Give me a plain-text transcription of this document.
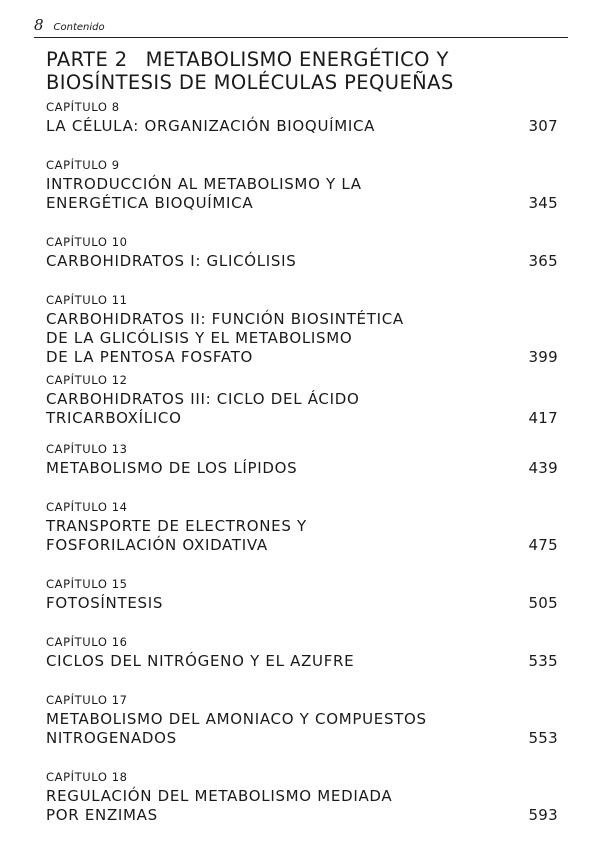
8 Contenido
PARTE 2 METABOLISMO ENERGÉTICO Y
BIOSÍNTESIS DE MOLÉCULAS PEQUEÑAS
CAPÍTULO 8
LA CÉLULA: ORGANIZACIÓN BIOQUÍMICA	307
CAPÍTULO 9
INTRODUCCIÓN AL METABOLISMO Y LA
ENERGÉTICA BIOQUÍMICA	345
CAPÍTULO 10
CARBOHIDRATOS I: GLICÓLISIS	365
CAPÍTULO 11
CARBOHIDRATOS II: FUNCIÓN BIOSINTÉTICA
DE LA GLICÓLISIS Y EL METABOLISMO
DE LA PENTOSA FOSFATO	399
CAPÍTULO 12
CARBOHIDRATOS III: CICLO DEL ÁCIDO
TRICARBOXÍLICO	417
CAPÍTULO 13
METABOLISMO DE LOS LÍPIDOS	439
CAPÍTULO 14
TRANSPORTE DE ELECTRONES Y
FOSFORILACIÓN OXIDATIVA	475
CAPÍTULO 15
FOTOSÍNTESIS	505
CAPÍTULO 16
CICLOS DEL NITRÓGENO Y EL AZUFRE	535
CAPÍTULO 17
METABOLISMO DEL AMONIACO Y COMPUESTOS
NITROGENADOS	553
CAPÍTULO 18
REGULACIÓN DEL METABOLISMO MEDIADA
POR ENZIMAS	593
